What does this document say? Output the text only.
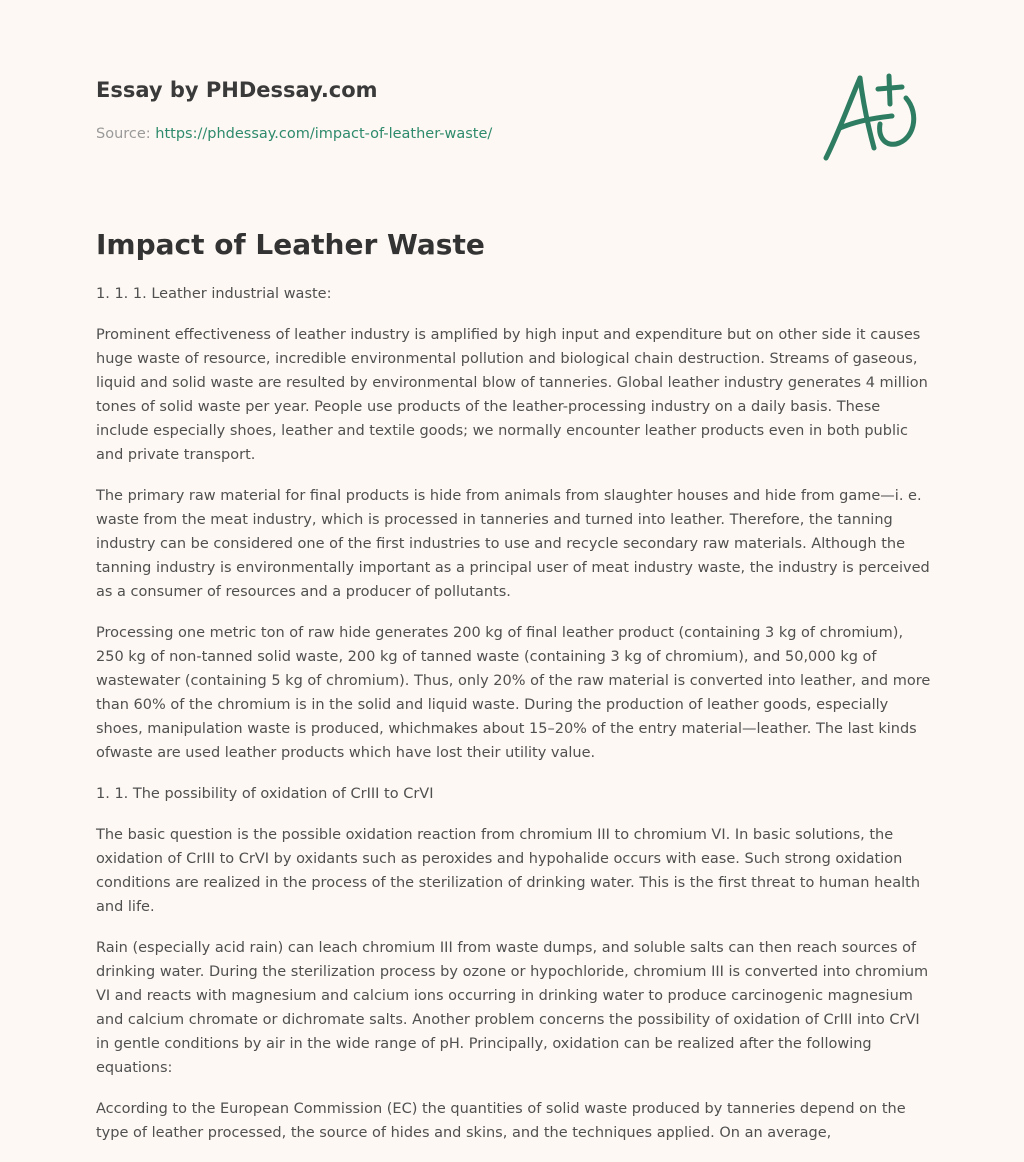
Essay by PHDessay.com
Source: https://phdessay.com/impact-of-leather-waste/
Impact of Leather Waste

1. 1. 1. Leather industrial waste:

Prominent effectiveness of leather industry is amplified by high input and expenditure but on other side it causes huge waste of resource, incredible environmental pollution and biological chain destruction. Streams of gaseous, liquid and solid waste are resulted by environmental blow of tanneries. Global leather industry generates 4 million tones of solid waste per year. People use products of the leather-processing industry on a daily basis. These include especially shoes, leather and textile goods; we normally encounter leather products even in both public and private transport.

The primary raw material for final products is hide from animals from slaughter houses and hide from game—i. e. waste from the meat industry, which is processed in tanneries and turned into leather. Therefore, the tanning industry can be considered one of the first industries to use and recycle secondary raw materials. Although the tanning industry is environmentally important as a principal user of meat industry waste, the industry is perceived as a consumer of resources and a producer of pollutants.

Processing one metric ton of raw hide generates 200 kg of final leather product (containing 3 kg of chromium), 250 kg of non-tanned solid waste, 200 kg of tanned waste (containing 3 kg of chromium), and 50,000 kg of wastewater (containing 5 kg of chromium). Thus, only 20% of the raw material is converted into leather, and more than 60% of the chromium is in the solid and liquid waste. During the production of leather goods, especially shoes, manipulation waste is produced, whichmakes about 15–20% of the entry material—leather. The last kinds ofwaste are used leather products which have lost their utility value.

1. 1. The possibility of oxidation of CrIII to CrVI

The basic question is the possible oxidation reaction from chromium III to chromium VI. In basic solutions, the oxidation of CrIII to CrVI by oxidants such as peroxides and hypohalide occurs with ease. Such strong oxidation conditions are realized in the process of the sterilization of drinking water. This is the first threat to human health and life.

Rain (especially acid rain) can leach chromium III from waste dumps, and soluble salts can then reach sources of drinking water. During the sterilization process by ozone or hypochloride, chromium III is converted into chromium VI and reacts with magnesium and calcium ions occurring in drinking water to produce carcinogenic magnesium and calcium chromate or dichromate salts. Another problem concerns the possibility of oxidation of CrIII into CrVI in gentle conditions by air in the wide range of pH. Principally, oxidation can be realized after the following equations:

According to the European Commission (EC) the quantities of solid waste produced by tanneries depend on the type of leather processed, the source of hides and skins, and the techniques applied. On an average,
